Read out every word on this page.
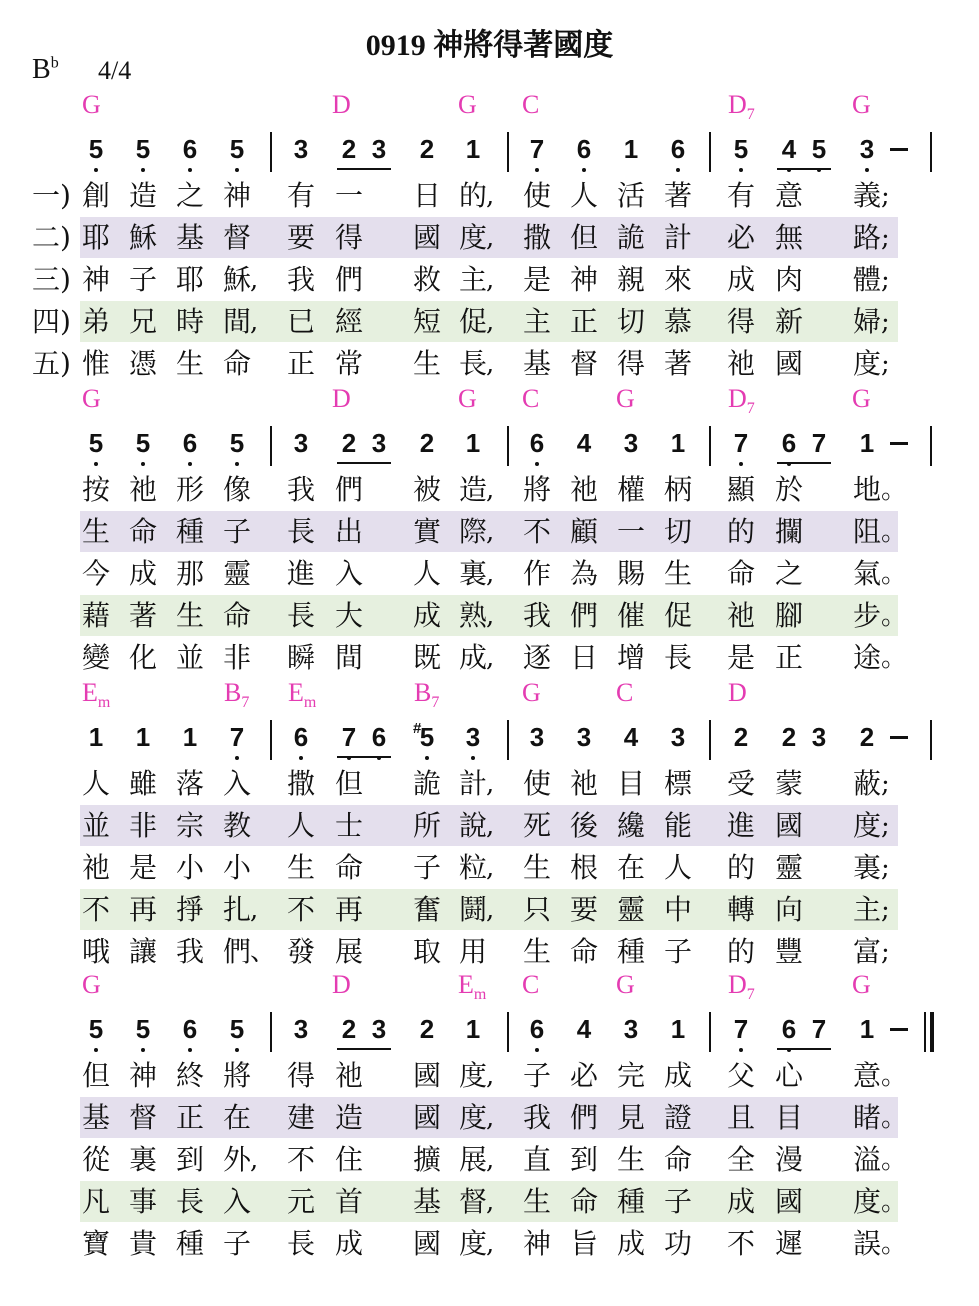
0919 神將得著國度
$B^b$ 4/4
G	D	G C	$D_7$	G
5 5 6 5 3 2 3 2 1 7 6 1 6 5 4 5 3
一) 創 造 之 神 有 一 日 的 使 人 活 著 有 意 義
,	;
二) 耶 穌 基 督 要 得 國 度 撒 但 詭 計 必 無 路
,	;
三) 神 子 耶 穌 我 們 救 主 是 神 親 來 成 肉 體
,	,	;
四) 弟 兄 時 間 已 經 短 促 主 正 切 慕 得 新 婦
,	,	;
五) 惟 憑 生 命 正 常 生 長 基 督 得 著 祂 國 度
,	;
G	D	G C	G	$D_7$	G
5 5 6 5 3 2 3 2 1 6 4 3 1 7 6 7 1
按 祂 形 像 我 們 被 造 將 祂 權 柄 顯 於 地
,	。
生 命 種 子 長 出 實 際 不 顧 一 切 的 攔 阻
,	。
今 成 那 靈 進 入 人 裏 作 為 賜 生 命 之 氣
,	。
藉 著 生 命 長 大 成 熟 我 們 催 促 祂 腳 步
,	。
變 化 並 非 瞬 間 既 成 逐 日 增 長 是 正 途
,	。
$E_m$	$B_7$ $E_m$	$B_7$	G	C	D
1 1 1 7 6 7 6 5
# 3 3 3 4 3 2 2 3 2
人 雖 落 入 撒 但 詭 計 使 祂 目 標 受 蒙 蔽
,	;
並 非 宗 教 人 士 所 說 死 後 纔 能 進 國 度
,	;
祂 是 小 小 生 命 子 粒 生 根 在 人 的 靈 裏
,	;
不 再 掙 扎 不 再 奮 鬪 只 要 靈 中 轉 向 主
,	,	;
哦 讓 我 們 發 展 取 用 生 命 種 子 的 豐 富
、	;
G	D	$E_m$ C	G	$D_7$	G
5 5 6 5 3 2 3 2 1 6 4 3 1 7 6 7 1
但 神 終 將 得 祂 國 度 子 必 完 成 父 心 意
,	。
基 督 正 在 建 造 國 度 我 們 見 證 且 目 睹
,	。
從 裏 到 外 不 住 擴 展 直 到 生 命 全 漫 溢
,	,	。
凡 事 長 入 元 首 基 督 生 命 種 子 成 國 度
,	。
寶 貴 種 子 長 成 國 度 神 旨 成 功 不 遲 誤
,	。
